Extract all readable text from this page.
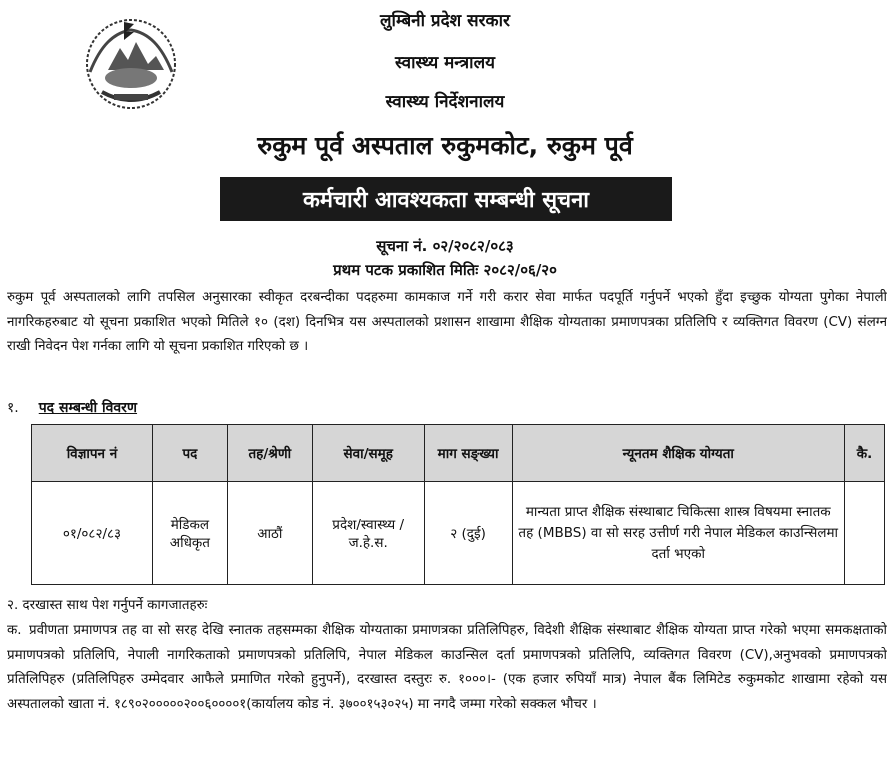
लुम्बिनी प्रदेश सरकार
स्वास्थ्य मन्त्रालय
स्वास्थ्य निर्देशनालय
रुकुम पूर्व अस्पताल रुकुमकोट, रुकुम पूर्व
कर्मचारी आवश्यकता सम्बन्धी सूचना
सूचना नं. ०२/२०८२/०८३
प्रथम पटक प्रकाशित मितिः २०८२/०६/२०

रुकुम पूर्व अस्पतालको लागि तपसिल अनुसारका स्वीकृत दरबन्दीका पदहरुमा कामकाज गर्ने गरी करार सेवा मार्फत पदपूर्ति गर्नुपर्ने भएको हुँदा इच्छुक योग्यता पुगेका नेपाली नागरिकहरुबाट यो सूचना प्रकाशित भएको मितिले १० (दश) दिनभित्र यस अस्पतालको प्रशासन शाखामा शैक्षिक योग्यताका प्रमाणपत्रका प्रतिलिपि र व्यक्तिगत विवरण (CV) संलग्न राखी निवेदन पेश गर्नका लागि यो सूचना प्रकाशित गरिएको छ ।

१. पद सम्बन्धी विवरण
विज्ञापन नं	पद	तह/श्रेणी	सेवा/समूह	माग सङ्ख्या	न्यूनतम शैक्षिक योग्यता	कै.
०१/०८२/८३	मेडिकल अधिकृत	आठौं	प्रदेश/स्वास्थ्य /ज.हे.स.	२ (दुई)	मान्यता प्राप्त शैक्षिक संस्थाबाट चिकित्सा शास्त्र विषयमा स्नातक तह (MBBS) वा सो सरह उत्तीर्ण गरी नेपाल मेडिकल काउन्सिलमा दर्ता भएको	
२. दरखास्त साथ पेश गर्नुपर्ने कागजातहरुः
क. प्रवीणता प्रमाणपत्र तह वा सो सरह देखि स्नातक तहसम्मका शैक्षिक योग्यताका प्रमाणत्रका प्रतिलिपिहरु, विदेशी शैक्षिक संस्थाबाट शैक्षिक योग्यता प्राप्त गरेको भएमा समकक्षताको प्रमाणपत्रको प्रतिलिपि, नेपाली नागरिकताको प्रमाणपत्रको प्रतिलिपि, नेपाल मेडिकल काउन्सिल दर्ता प्रमाणपत्रको प्रतिलिपि, व्यक्तिगत विवरण (CV),अनुभवको प्रमाणपत्रको प्रतिलिपिहरु (प्रतिलिपिहरु उम्मेदवार आफैले प्रमाणित गरेको हुनुपर्ने), दरखास्त दस्तुरः रु. १०००।- (एक हजार रुपियाँ मात्र) नेपाल बैंक लिमिटेड रुकुमकोट शाखामा रहेको यस अस्पतालको खाता नं. १८९०२०००००२००६००००१(कार्यालय कोड नं. ३७००१५३०२५) मा नगदै जम्मा गरेको सक्कल भौचर ।
